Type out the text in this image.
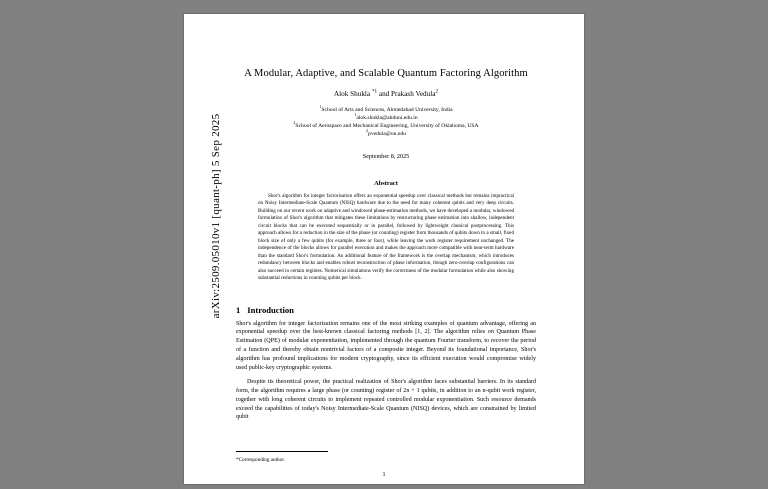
arXiv:2509.05010v1 [quant-ph] 5 Sep 2025
A Modular, Adaptive, and Scalable Quantum Factoring Algorithm
Alok Shukla $^{*1}$ and Prakash Vedula$^2$
$^1$School of Arts and Sciences, Ahmedabad University, India
$^1$alok.shukla@ahduni.edu.in
$^2$School of Aerospace and Mechanical Engineering, University of Oklahoma, USA
$^2$pvedula@ou.edu
September 8, 2025
Abstract
Shor's algorithm for integer factorisation offers an exponential speedup over classical methods but remains impractical on Noisy Intermediate-Scale Quantum (NISQ) hardware due to the need for many coherent qubits and very deep circuits. Building on our recent work on adaptive and windowed phase-estimation methods, we have developed a modular, windowed formulation of Shor's algorithm that mitigates these limitations by restructuring phase estimation into shallow, independent circuit blocks that can be executed sequentially or in parallel, followed by lightweight classical postprocessing. This approach allows for a reduction in the size of the phase (or counting) register from thousands of qubits down to a small, fixed block size of only a few qubits (for example, three or four), while leaving the work register requirement unchanged. The independence of the blocks allows for parallel execution and makes the approach more compatible with near-term hardware than the standard Shor's formulation. An additional feature of the framework is the overlap mechanism, which introduces redundancy between blocks and enables robust reconstruction of phase information, though zero-overlap configurations can also succeed in certain regimes. Numerical simulations verify the correctness of the modular formulation while also showing substantial reductions in counting qubits per block.
1 Introduction
Shor's algorithm for integer factorization remains one of the most striking examples of quantum advantage, offering an exponential speedup over the best-known classical factoring methods [1, 2]. The algorithm relies on Quantum Phase Estimation (QPE) of modular exponentiation, implemented through the quantum Fourier transform, to recover the period of a function and thereby obtain nontrivial factors of a composite integer. Beyond its foundational importance, Shor's algorithm has profound implications for modern cryptography, since its efficient execution would compromise widely used public-key cryptographic systems.
Despite its theoretical power, the practical realization of Shor's algorithm faces substantial barriers. In its standard form, the algorithm requires a large phase (or counting) register of 2n + 1 qubits, in addition to an n-qubit work register, together with long coherent circuits to implement repeated controlled modular exponentiation. Such resource demands exceed the capabilities of today's Noisy Intermediate-Scale Quantum (NISQ) devices, which are constrained by limited qubit
*Corresponding author.
1
